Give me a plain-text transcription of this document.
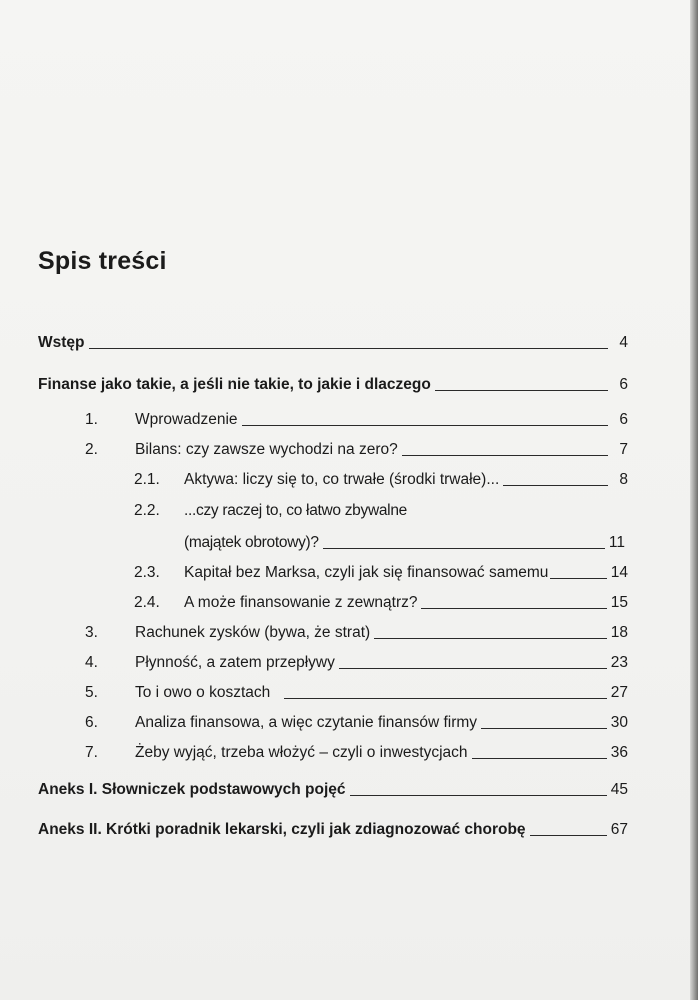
Spis treści
Wstęp	4
Finanse jako takie, a jeśli nie takie, to jakie i dlaczego	6
1.	Wprowadzenie	6
2.	Bilans: czy zawsze wychodzi na zero?	7
2.1.	Aktywa: liczy się to, co trwałe (środki trwałe)...	8
2.2.	...czy raczej to, co łatwo zbywalne
(majątek obrotowy)?	11
2.3.	Kapitał bez Marksa, czyli jak się finansować samemu	14
2.4.	A może finansowanie z zewnątrz?	15
3.	Rachunek zysków (bywa, że strat)	18
4.	Płynność, a zatem przepływy	23
5.	To i owo o kosztach	27
6.	Analiza finansowa, a więc czytanie finansów firmy	30
7.	Żeby wyjąć, trzeba włożyć – czyli o inwestycjach	36
Aneks I. Słowniczek podstawowych pojęć	45
Aneks II. Krótki poradnik lekarski, czyli jak zdiagnozować chorobę	67
